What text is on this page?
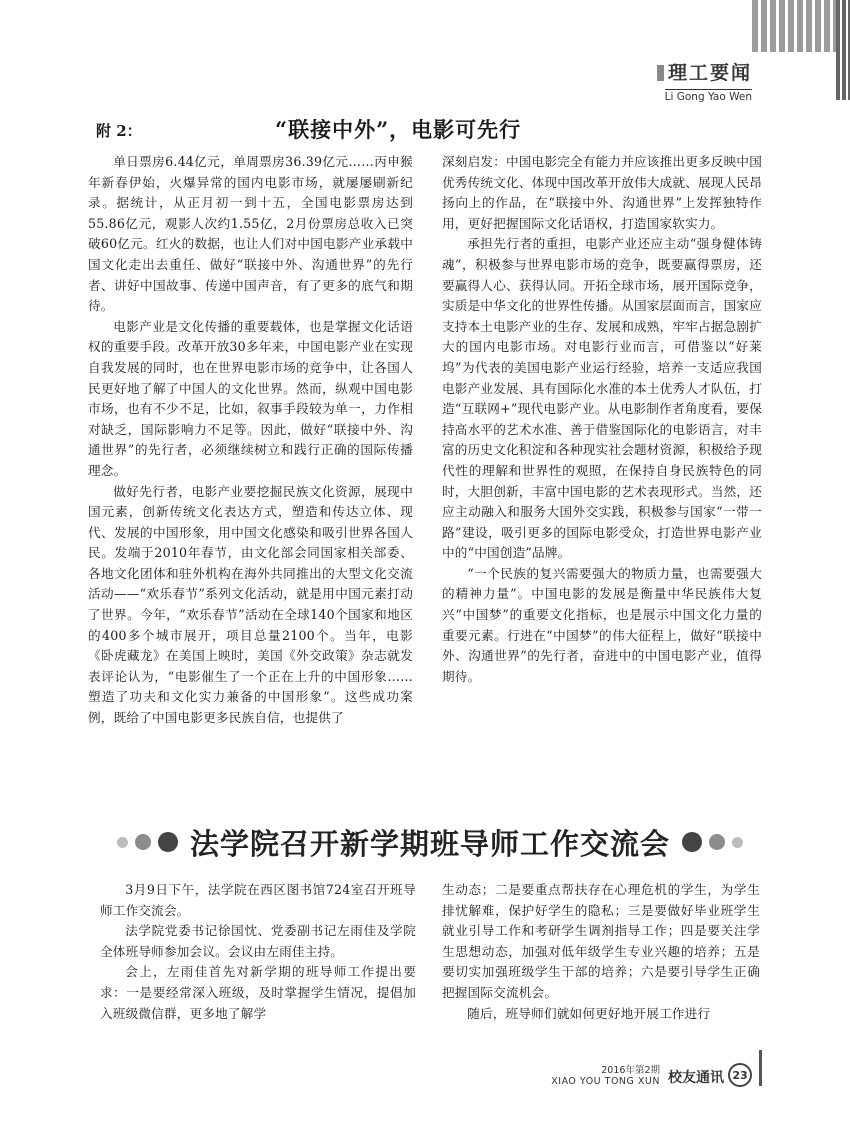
理工要闻
Li Gong Yao Wen
附 2：	“联接中外”，电影可先行

单日票房6.44亿元，单周票房36.39亿元……丙申猴年新春伊始，火爆异常的国内电影市场，就屡屡刷新纪录。据统计，从正月初一到十五，全国电影票房达到55.86亿元，观影人次约1.55亿，2月份票房总收入已突破60亿元。红火的数据，也让人们对中国电影产业承载中国文化走出去重任、做好“联接中外、沟通世界”的先行者、讲好中国故事、传递中国声音，有了更多的底气和期待。

电影产业是文化传播的重要载体，也是掌握文化话语权的重要手段。改革开放30多年来，中国电影产业在实现自我发展的同时，也在世界电影市场的竞争中，让各国人民更好地了解了中国人的文化世界。然而，纵观中国电影市场，也有不少不足，比如，叙事手段较为单一，力作相对缺乏，国际影响力不足等。因此，做好“联接中外、沟通世界”的先行者，必须继续树立和践行正确的国际传播理念。

做好先行者，电影产业要挖掘民族文化资源，展现中国元素，创新传统文化表达方式，塑造和传达立体、现代、发展的中国形象，用中国文化感染和吸引世界各国人民。发端于2010年春节，由文化部会同国家相关部委、各地文化团体和驻外机构在海外共同推出的大型文化交流活动——“欢乐春节”系列文化活动，就是用中国元素打动了世界。今年，“欢乐春节”活动在全球140个国家和地区的400多个城市展开，项目总量2100个。当年，电影《卧虎藏龙》在美国上映时，美国《外交政策》杂志就发表评论认为，“电影催生了一个正在上升的中国形象……塑造了功夫和文化实力兼备的中国形象”。这些成功案例，既给了中国电影更多民族自信，也提供了

深刻启发：中国电影完全有能力并应该推出更多反映中国优秀传统文化、体现中国改革开放伟大成就、展现人民昂扬向上的作品，在“联接中外、沟通世界”上发挥独特作用，更好把握国际文化话语权，打造国家软实力。

承担先行者的重担，电影产业还应主动“强身健体铸魂”，积极参与世界电影市场的竞争，既要赢得票房，还要赢得人心、获得认同。开拓全球市场，展开国际竞争，实质是中华文化的世界性传播。从国家层面而言，国家应支持本土电影产业的生存、发展和成熟，牢牢占据急剧扩大的国内电影市场。对电影行业而言，可借鉴以“好莱坞”为代表的美国电影产业运行经验，培养一支适应我国电影产业发展、具有国际化水准的本土优秀人才队伍，打造“互联网+”现代电影产业。从电影制作者角度看，要保持高水平的艺术水准、善于借鉴国际化的电影语言，对丰富的历史文化积淀和各种现实社会题材资源，积极给予现代性的理解和世界性的观照，在保持自身民族特色的同时，大胆创新，丰富中国电影的艺术表现形式。当然，还应主动融入和服务大国外交实践，积极参与国家“一带一路”建设，吸引更多的国际电影受众，打造世界电影产业中的“中国创造”品牌。

“一个民族的复兴需要强大的物质力量，也需要强大的精神力量”。中国电影的发展是衡量中华民族伟大复兴“中国梦”的重要文化指标，也是展示中国文化力量的重要元素。行进在“中国梦”的伟大征程上，做好“联接中外、沟通世界”的先行者，奋进中的中国电影产业，值得期待。

法学院召开新学期班导师工作交流会

3月9日下午，法学院在西区图书馆724室召开班导师工作交流会。

法学院党委书记徐国忱、党委副书记左雨佳及学院全体班导师参加会议。会议由左雨佳主持。

会上，左雨佳首先对新学期的班导师工作提出要求：一是要经常深入班级，及时掌握学生情况，提倡加入班级微信群，更多地了解学

生动态；二是要重点帮扶存在心理危机的学生，为学生排忧解难，保护好学生的隐私；三是要做好毕业班学生就业引导工作和考研学生调剂指导工作；四是要关注学生思想动态，加强对低年级学生专业兴趣的培养；五是要切实加强班级学生干部的培养；六是要引导学生正确把握国际交流机会。

随后，班导师们就如何更好地开展工作进行

2016年第2期
XIAO YOU TONG XUN 校友通讯 23
